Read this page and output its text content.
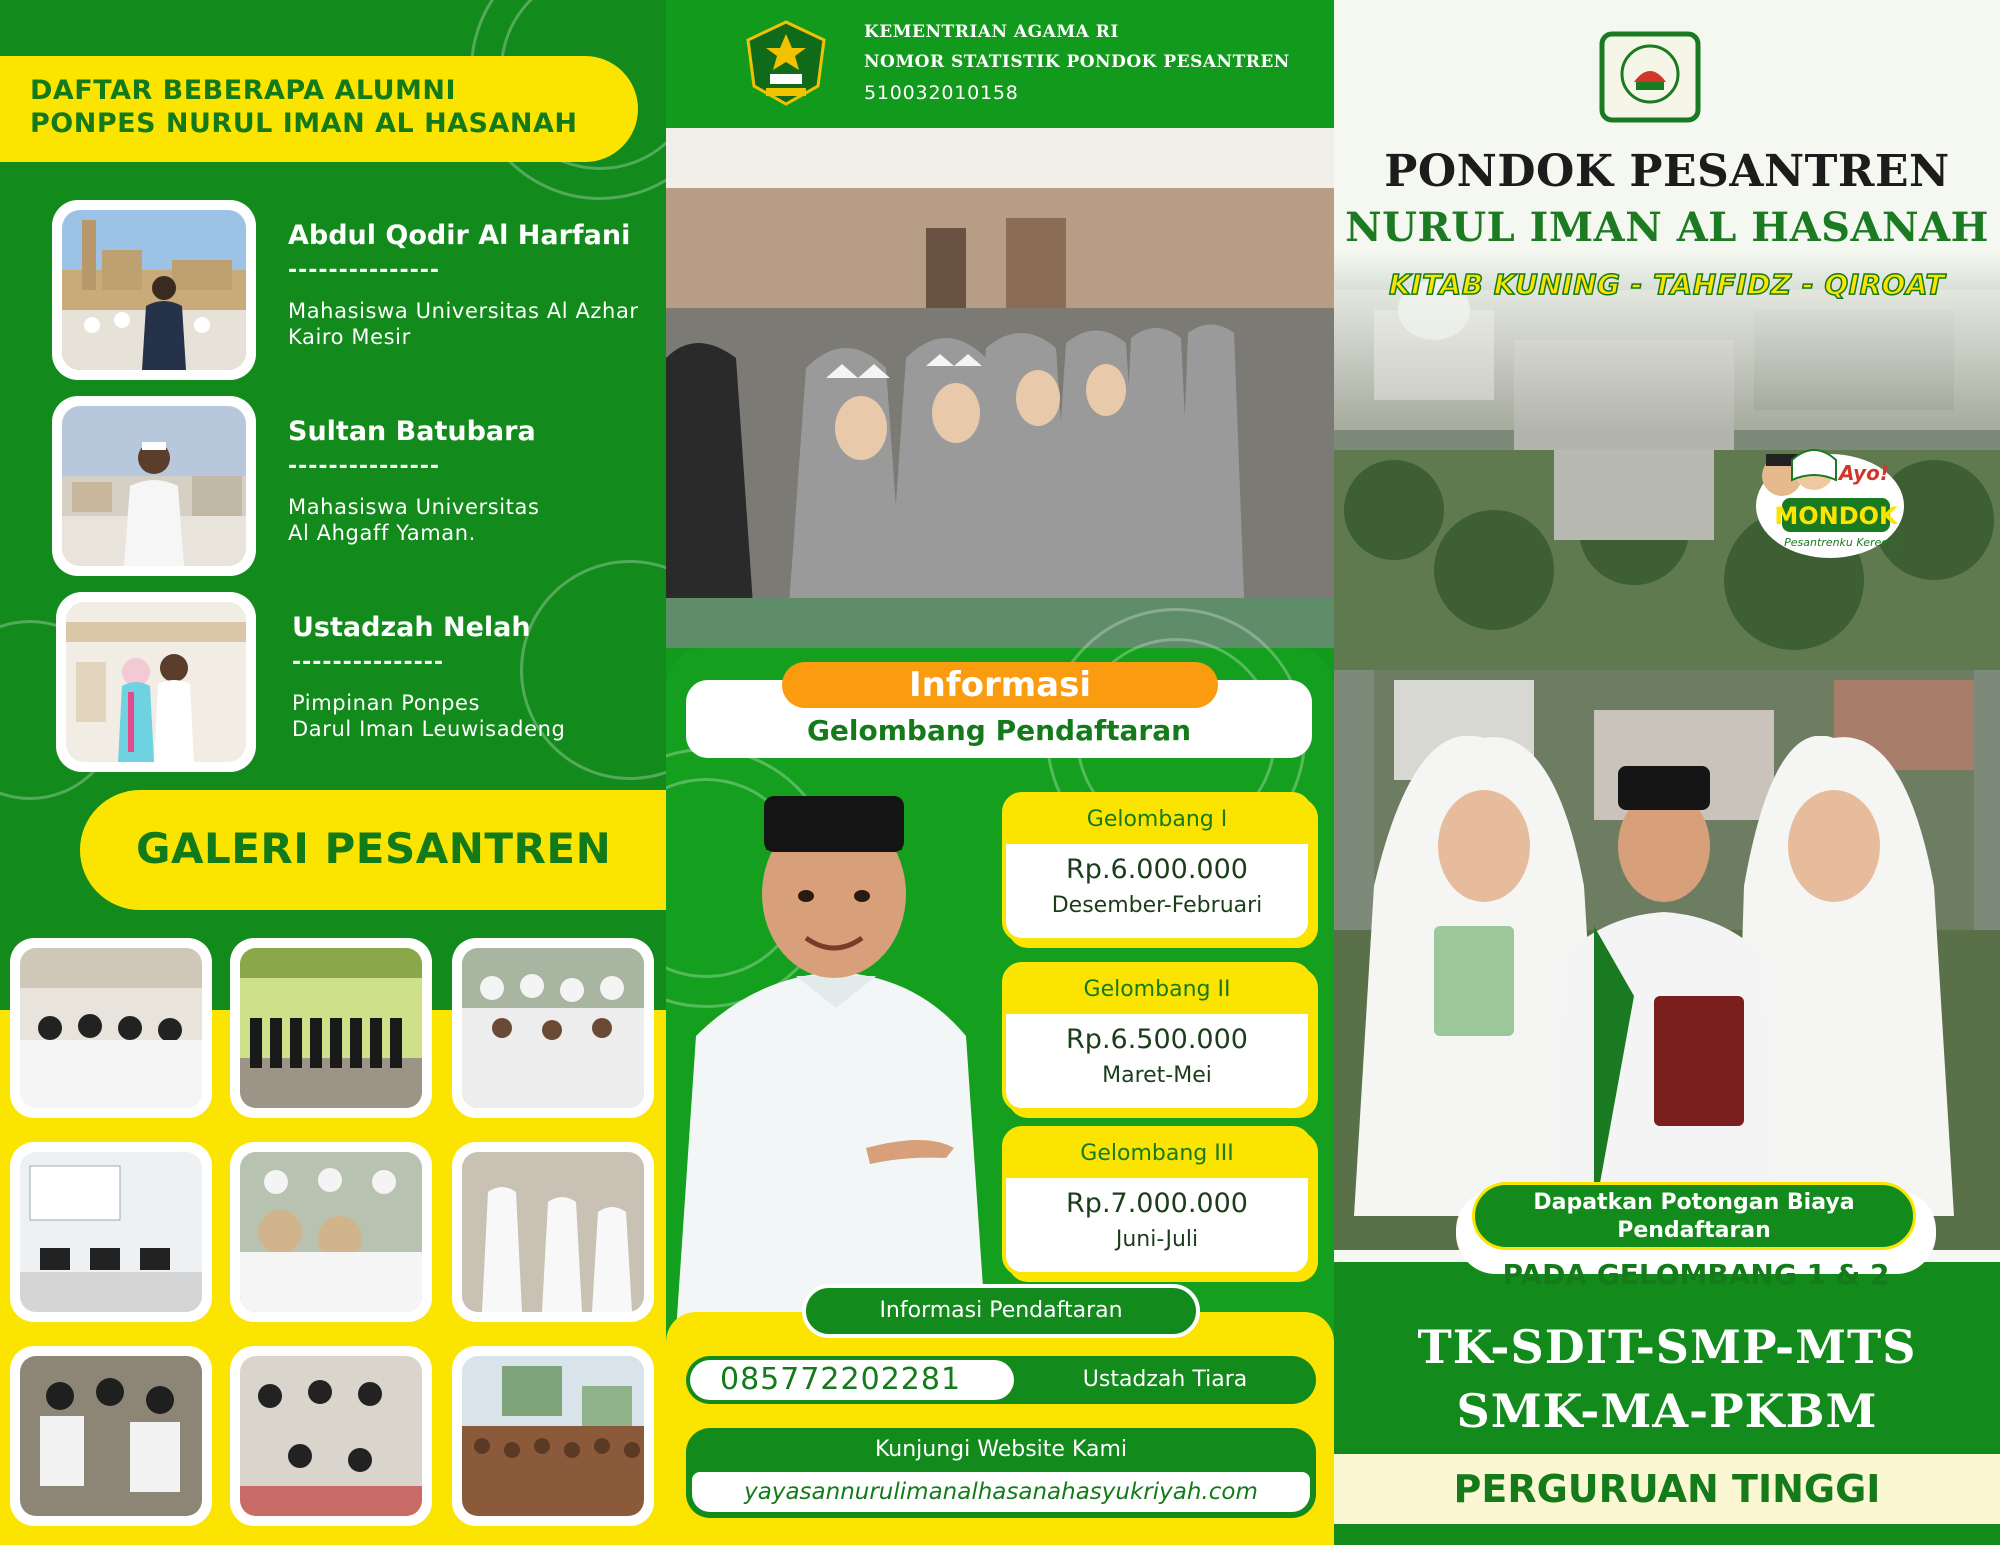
DAFTAR BEBERAPA ALUMNI
PONPES NURUL IMAN AL HASANAH
Abdul Qodir Al Harfani
---------------
Mahasiswa Universitas Al Azhar
Kairo Mesir
Sultan Batubara
---------------
Mahasiswa Universitas
Al Ahgaff Yaman.
Ustadzah Nelah
---------------
Pimpinan Ponpes
Darul Iman Leuwisadeng
GALERI PESANTREN
KEMENTRIAN AGAMA RI
NOMOR STATISTIK PONDOK PESANTREN
510032010158
Informasi
Gelombang Pendaftaran
Gelombang I
Rp.6.000.000
Desember-Februari
Gelombang II
Rp.6.500.000
Maret-Mei
Gelombang III
Rp.7.000.000
Juni-Juli
Informasi Pendaftaran
085772202281	Ustadzah Tiara
Kunjungi Website Kami
yayasannurulimanalhasanahasyukriyah.com
PONDOK PESANTREN
NURUL IMAN AL HASANAH
KITAB KUNING - TAHFIDZ - QIROAT
MONDOK
Ayo!
Pesantrenku Kereen!!
Dapatkan Potongan Biaya
Pendaftaran
PADA GELOMBANG 1 & 2
TK-SDIT-SMP-MTS
SMK-MA-PKBM
PERGURUAN TINGGI
